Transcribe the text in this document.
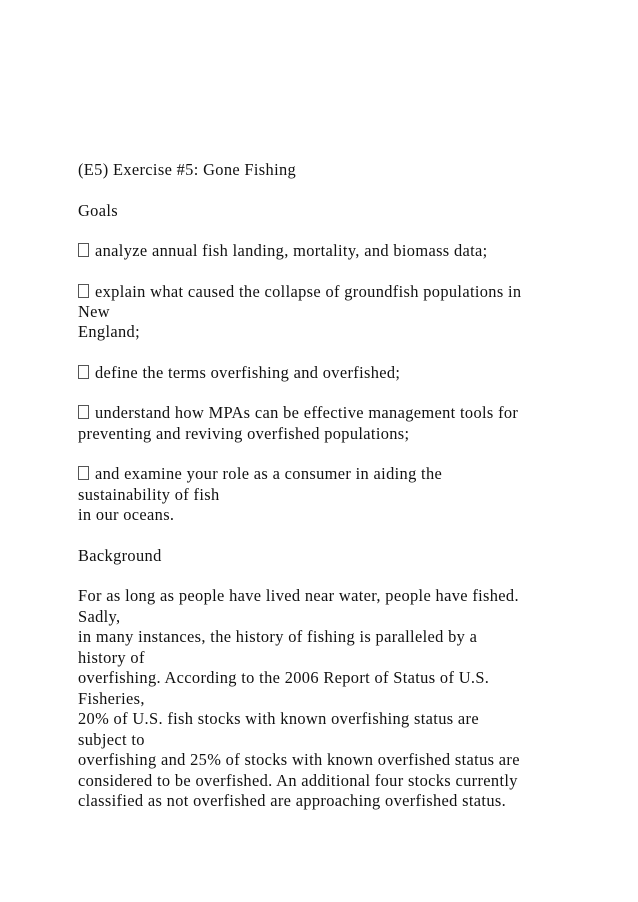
(E5) Exercise #5: Gone Fishing

Goals

analyze annual fish landing, mortality, and biomass data;

explain what caused the collapse of groundfish populations in

New

England;

define the terms overfishing and overfished;

understand how MPAs can be effective management tools for

preventing and reviving overfished populations;

and examine your role as a consumer in aiding the

sustainability of fish

in our oceans.

Background

For as long as people have lived near water, people have fished.

Sadly,

in many instances, the history of fishing is paralleled by a

history of

overfishing. According to the 2006 Report of Status of U.S.

Fisheries,

20% of U.S. fish stocks with known overfishing status are

subject to

overfishing and 25% of stocks with known overfished status are

considered to be overfished. An additional four stocks currently

classified as not overfished are approaching overfished status.
